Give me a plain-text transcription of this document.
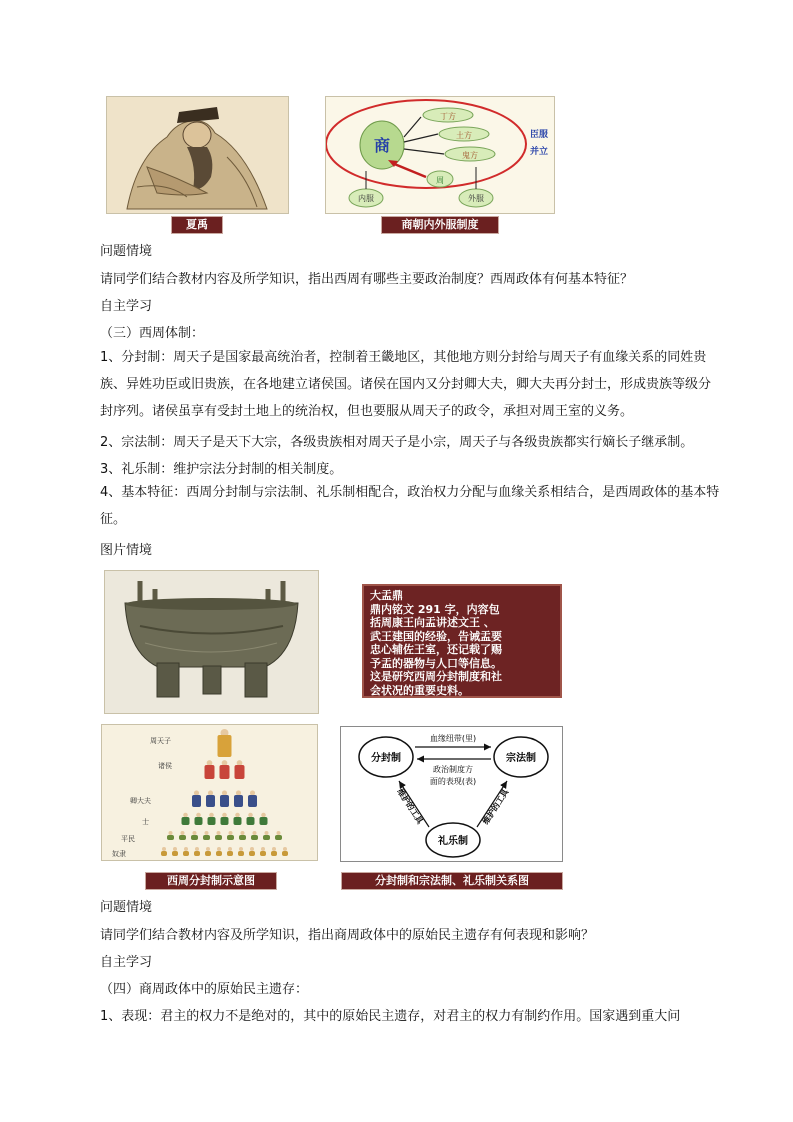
夏禹
商
丁方
土方
鬼方
周
内服	外服
臣服
并立
商朝内外服制度
问题情境
请同学们结合教材内容及所学知识，指出西周有哪些主要政治制度？西周政体有何基本特征？
自主学习
（三）西周体制：
1、分封制：周天子是国家最高统治者，控制着王畿地区，其他地方则分封给与周天子有血缘关系的同姓贵族、异姓功臣或旧贵族，在各地建立诸侯国。诸侯在国内又分封卿大夫，卿大夫再分封士，形成贵族等级分封序列。诸侯虽享有受封土地上的统治权，但也要服从周天子的政令，承担对周王室的义务。
2、宗法制：周天子是天下大宗，各级贵族相对周天子是小宗，周天子与各级贵族都实行嫡长子继承制。
3、礼乐制：维护宗法分封制的相关制度。
4、基本特征：西周分封制与宗法制、礼乐制相配合，政治权力分配与血缘关系相结合，是西周政体的基本特征。
图片情境
大盂鼎
鼎内铭文 291 字，内容包
括周康王向盂讲述文王 、
武王建国的经验，告诫盂要
忠心辅佐王室，还记载了赐
予盂的器物与人口等信息。
这是研究西周分封制度和社
会状况的重要史料。
周天子
诸侯
卿大夫
士
平民
奴隶
西周分封制示意图
分封制	宗法制
礼乐制
血缘纽带(里)
政治制度方
面的表现(表)
维护的工具	维护的工具
分封制和宗法制、礼乐制关系图
问题情境
请同学们结合教材内容及所学知识，指出商周政体中的原始民主遗存有何表现和影响？
自主学习
（四）商周政体中的原始民主遗存：
1、表现：君主的权力不是绝对的，其中的原始民主遗存，对君主的权力有制约作用。国家遇到重大问
